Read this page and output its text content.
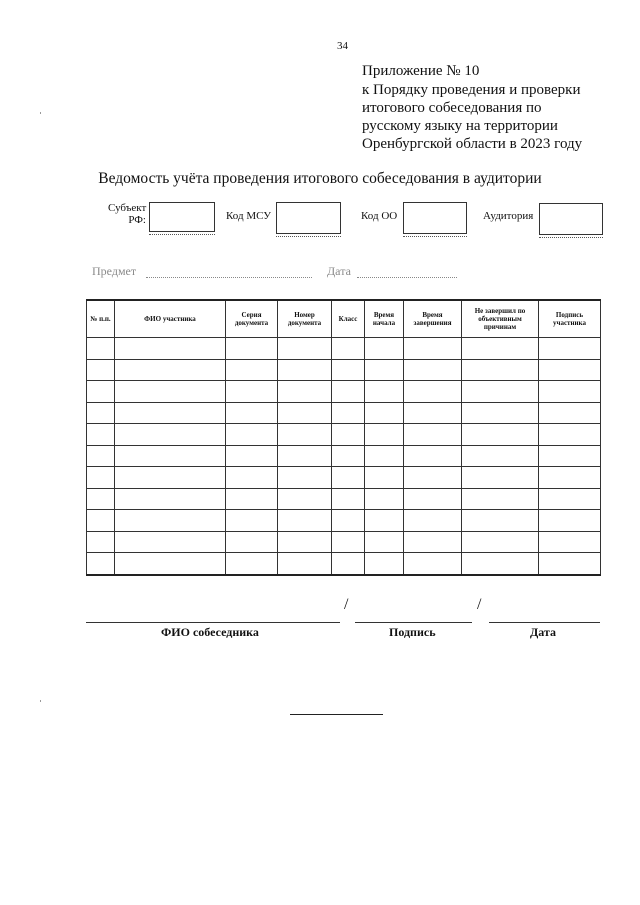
34
Приложение № 10
к Порядку проведения и проверки
итогового собеседования по
русскому языку на территории
Оренбургской области в 2023 году
Ведомость учёта проведения итогового собеседования в аудитории
Субъект
РФ:	Код МСУ	Код ОО	Аудитория
Предмет	Дата
№ п.п.	ФИО участника	Серия документа	Номер документа	Класс	Время начала	Время завершения	Не завершил по объективным причинам	Подпись участника

/	/
ФИО собеседника	Подпись	Дата
